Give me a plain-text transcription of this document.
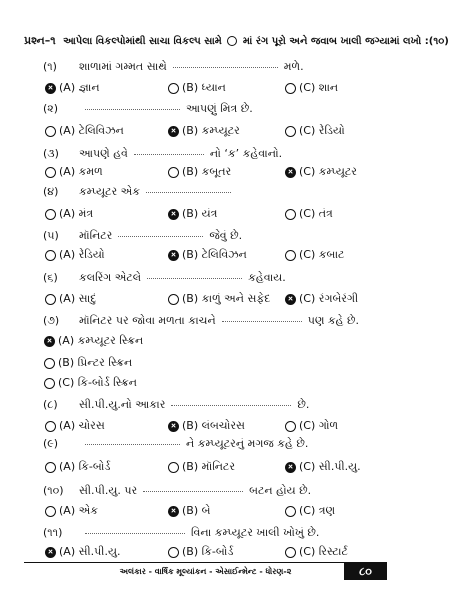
પ્રશ્ન–૧ આપેલા વિકલ્પોમાંથી સાચા વિકલ્પ સામે માં રંગ પૂરો અને જવાબ ખાલી જગ્યામાં લખો :(૧૦)
(૧) શાળામાં ગમ્મત સાથે	મળે.
(A) જ્ઞાન	(B) ધ્યાન	(C) શાન
(૨)	આપણું મિત્ર છે.
(A) ટેલિવિઝન	(B) કમ્પ્યૂટર	(C) રેડિયો
(૩) આપણે હવે	નો ‘ક’ કહેવાનો.
(A) કમળ	(B) કબૂતર	(C) કમ્પ્યૂટર
(૪) કમ્પ્યૂટર એક
(A) મંત્ર	(B) યંત્ર	(C) તંત્ર
(૫) મૉનિટર	જેવું છે.
(A) રેડિયો	(B) ટેલિવિઝન	(C) કબાટ
(૬) કલરિંગ એટલે	કહેવાય.
(A) સાદું	(B) કાળું અને સફેદ	(C) રંગબેરંગી
(૭) મૉનિટર પર જોવા મળતા કાચને	પણ કહે છે.
(A) કમ્પ્યૂટર સ્ક્રિન
(B) પ્રિન્ટર સ્ક્રિન
(C) કિ-બોર્ડ સ્ક્રિન
(૮) સી.પી.યુ.નો આકાર	છે.
(A) ચોરસ	(B) લંબચોરસ	(C) ગોળ
(૯)	ને કમ્પ્યૂટરનું મગજ કહે છે.
(A) કિ-બોર્ડ	(B) મૉનિટર	(C) સી.પી.યુ.
(૧૦) સી.પી.યુ. પર	બટન હોય છે.
(A) એક	(B) બે	(C) ત્રણ
(૧૧)	વિના કમ્પ્યૂટર ખાલી ખોખું છે.
(A) સી.પી.યુ.	(B) કિ-બોર્ડ	(C) રિસ્ટાર્ટ
અલંકાર - વાર્ષિક મૂલ્યાંકન - એસાઈન્મેન્ટ - ધોરણ-૨	૮૦
